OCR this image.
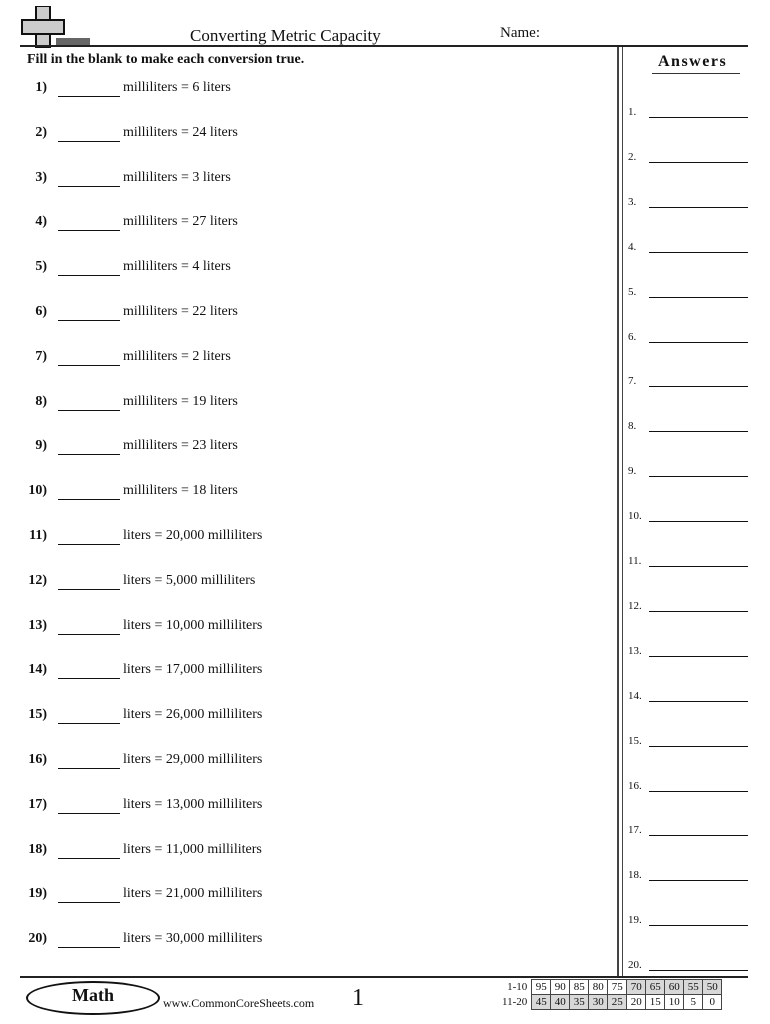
Converting Metric Capacity	Name:
Fill in the blank to make each conversion true.
1)	milliliters = 6 liters
2)	milliliters = 24 liters
3)	milliliters = 3 liters
4)	milliliters = 27 liters
5)	milliliters = 4 liters
6)	milliliters = 22 liters
7)	milliliters = 2 liters
8)	milliliters = 19 liters
9)	milliliters = 23 liters
10)	milliliters = 18 liters
11)	liters = 20,000 milliliters
12)	liters = 5,000 milliliters
13)	liters = 10,000 milliliters
14)	liters = 17,000 milliliters
15)	liters = 26,000 milliliters
16)	liters = 29,000 milliliters
17)	liters = 13,000 milliliters
18)	liters = 11,000 milliliters
19)	liters = 21,000 milliliters
20)	liters = 30,000 milliliters
Answers
1.
2.
3.
4.
5.
6.
7.
8.
9.
10.
11.
12.
13.
14.
15.
16.
17.
18.
19.
20.
Math	www.CommonCoreSheets.com 1	1-10	95	90	85	80	75	70	65	60	55	50
11-20	45	40	35	30	25	20	15	10	5	0
